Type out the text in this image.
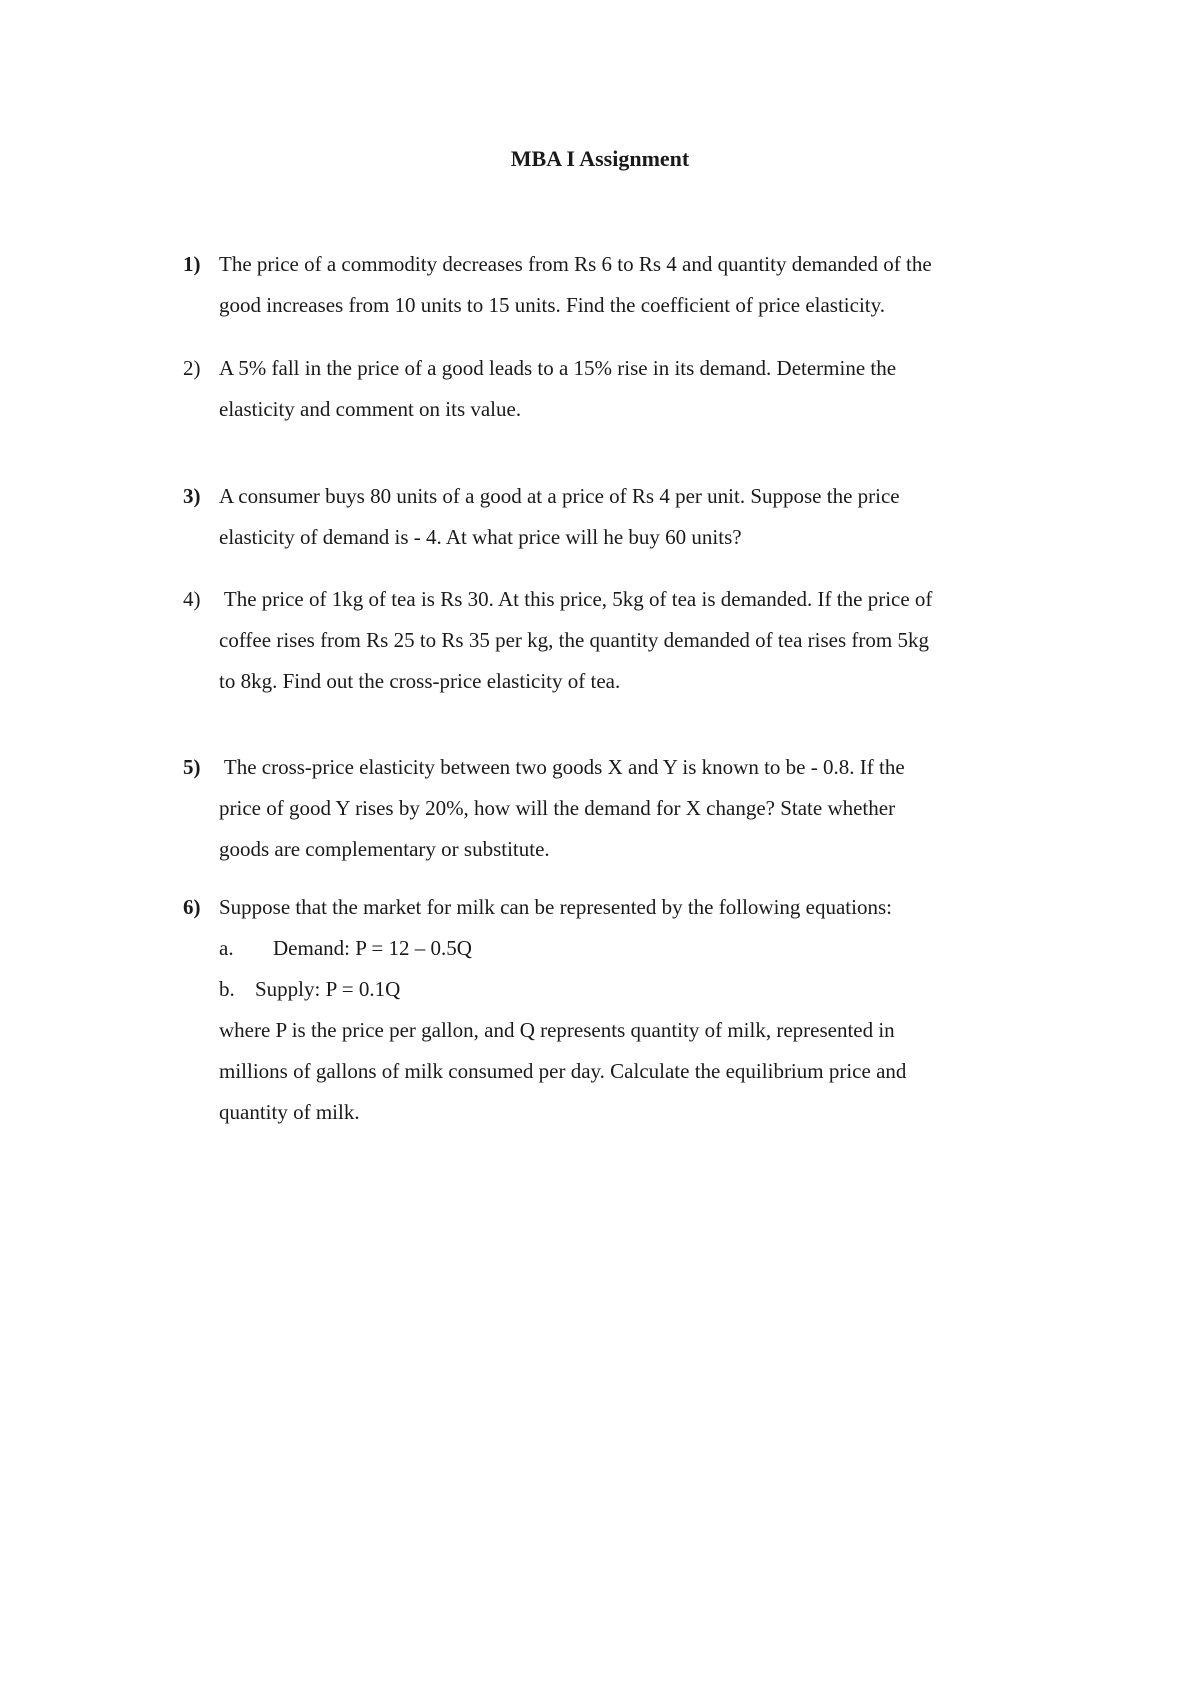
MBA I Assignment
1) The price of a commodity decreases from Rs 6 to Rs 4 and quantity demanded of the
good increases from 10 units to 15 units. Find the coefficient of price elasticity.
2) A 5% fall in the price of a good leads to a 15% rise in its demand. Determine the
elasticity and comment on its value.
3) A consumer buys 80 units of a good at a price of Rs 4 per unit. Suppose the price
elasticity of demand is - 4. At what price will he buy 60 units?
4) The price of 1kg of tea is Rs 30. At this price, 5kg of tea is demanded. If the price of
coffee rises from Rs 25 to Rs 35 per kg, the quantity demanded of tea rises from 5kg
to 8kg. Find out the cross-price elasticity of tea.
5) The cross-price elasticity between two goods X and Y is known to be - 0.8. If the
price of good Y rises by 20%, how will the demand for X change? State whether
goods are complementary or substitute.
6) Suppose that the market for milk can be represented by the following equations:
a. Demand: P = 12 – 0.5Q
b. Supply: P = 0.1Q
where P is the price per gallon, and Q represents quantity of milk, represented in
millions of gallons of milk consumed per day. Calculate the equilibrium price and
quantity of milk.
